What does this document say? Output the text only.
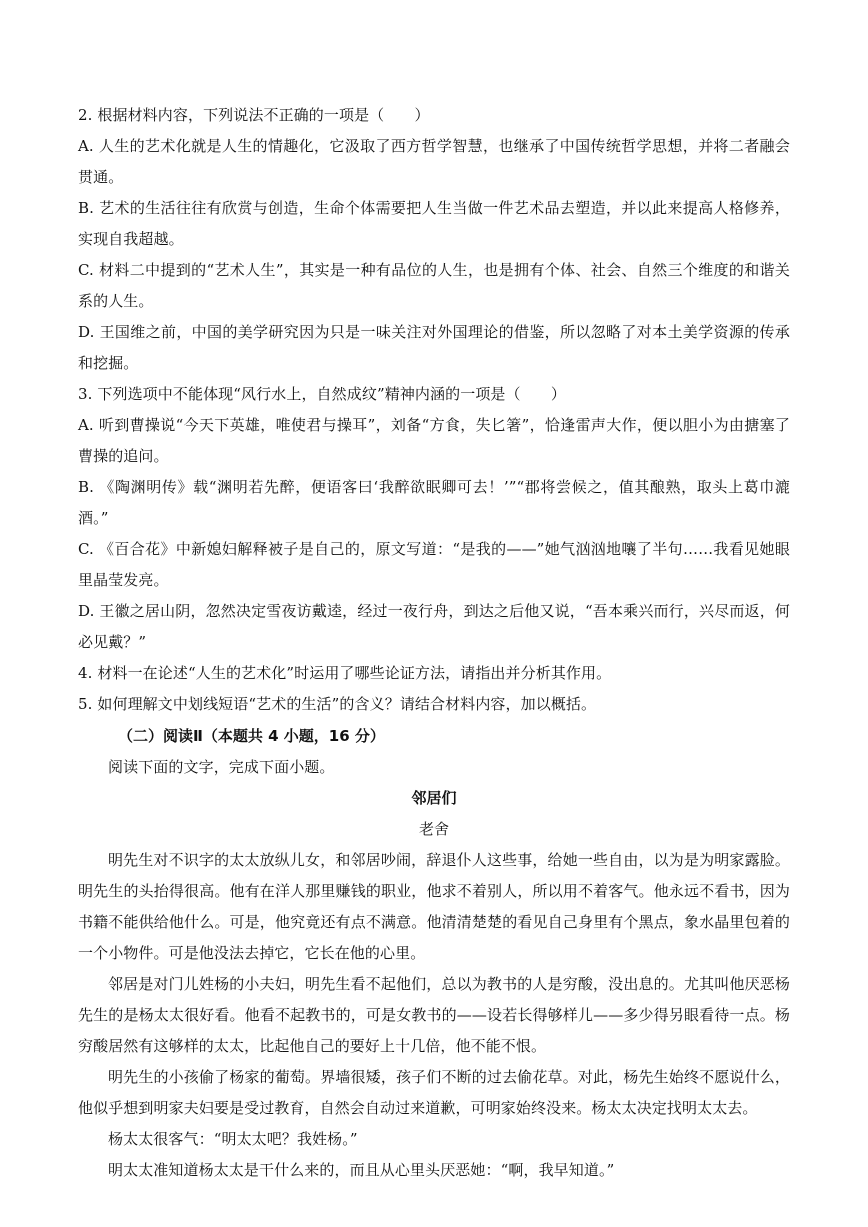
2. 根据材料内容，下列说法不正确的一项是（　　）

A. 人生的艺术化就是人生的情趣化，它汲取了西方哲学智慧，也继承了中国传统哲学思想，并将二者融会贯通。

B. 艺术的生活往往有欣赏与创造，生命个体需要把人生当做一件艺术品去塑造，并以此来提高人格修养，实现自我超越。

C. 材料二中提到的“艺术人生”，其实是一种有品位的人生，也是拥有个体、社会、自然三个维度的和谐关系的人生。

D. 王国维之前，中国的美学研究因为只是一味关注对外国理论的借鉴，所以忽略了对本土美学资源的传承和挖掘。

3. 下列选项中不能体现“风行水上，自然成纹”精神内涵的一项是（　　）

A. 听到曹操说“今天下英雄，唯使君与操耳”，刘备“方食，失匕箸”，恰逢雷声大作，便以胆小为由搪塞了曹操的追问。

B. 《陶渊明传》载“渊明若先醉，便语客曰‘我醉欲眠卿可去！’”“郡将尝候之，值其酿熟，取头上葛巾漉酒。”

C. 《百合花》中新媳妇解释被子是自己的，原文写道：“是我的——”她气汹汹地嚷了半句……我看见她眼里晶莹发亮。

D. 王徽之居山阴，忽然决定雪夜访戴逵，经过一夜行舟，到达之后他又说，“吾本乘兴而行，兴尽而返，何必见戴？”

4. 材料一在论述“人生的艺术化”时运用了哪些论证方法，请指出并分析其作用。

5. 如何理解文中划线短语“艺术的生活”的含义？请结合材料内容，加以概括。

（二）阅读Ⅱ（本题共 4 小题，16 分）

阅读下面的文字，完成下面小题。

邻居们
老舍

明先生对不识字的太太放纵儿女，和邻居吵闹，辞退仆人这些事，给她一些自由，以为是为明家露脸。明先生的头抬得很高。他有在洋人那里赚钱的职业，他求不着别人，所以用不着客气。他永远不看书，因为书籍不能供给他什么。可是，他究竟还有点不满意。他清清楚楚的看见自己身里有个黑点，象水晶里包着的一个小物件。可是他没法去掉它，它长在他的心里。

邻居是对门儿姓杨的小夫妇，明先生看不起他们，总以为教书的人是穷酸，没出息的。尤其叫他厌恶杨先生的是杨太太很好看。他看不起教书的，可是女教书的——设若长得够样儿——多少得另眼看待一点。杨穷酸居然有这够样的太太，比起他自己的要好上十几倍，他不能不恨。

明先生的小孩偷了杨家的葡萄。界墙很矮，孩子们不断的过去偷花草。对此，杨先生始终不愿说什么，他似乎想到明家夫妇要是受过教育，自然会自动过来道歉，可明家始终没来。杨太太决定找明太太去。

杨太太很客气：“明太太吧？我姓杨。”

明太太准知道杨太太是干什么来的，而且从心里头厌恶她：“啊，我早知道。”
